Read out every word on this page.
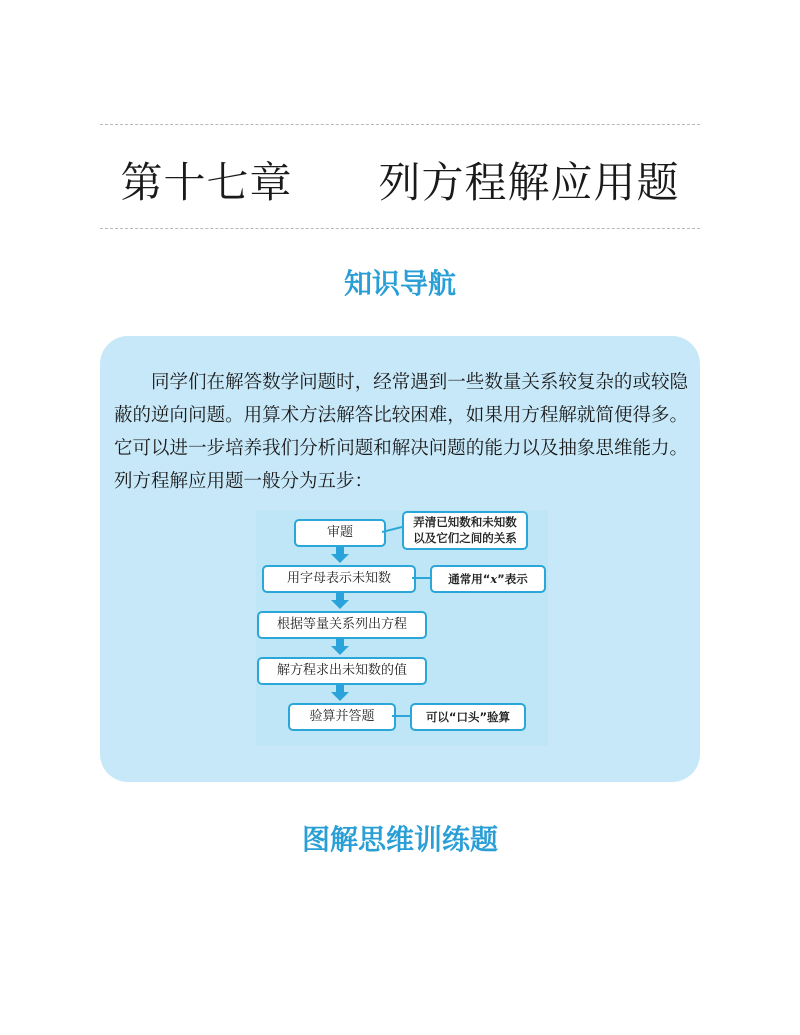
第十七章　　列方程解应用题
知识导航
同学们在解答数学问题时，经常遇到一些数量关系较复杂的或较隐蔽的逆向问题。用算术方法解答比较困难，如果用方程解就简便得多。它可以进一步培养我们分析问题和解决问题的能力以及抽象思维能力。列方程解应用题一般分为五步：
审题
用字母表示未知数
根据等量关系列出方程
解方程求出未知数的值
验算并答题
弄清已知数和未知数
以及它们之间的关系
通常用“x”表示
可以“口头”验算
图解思维训练题
